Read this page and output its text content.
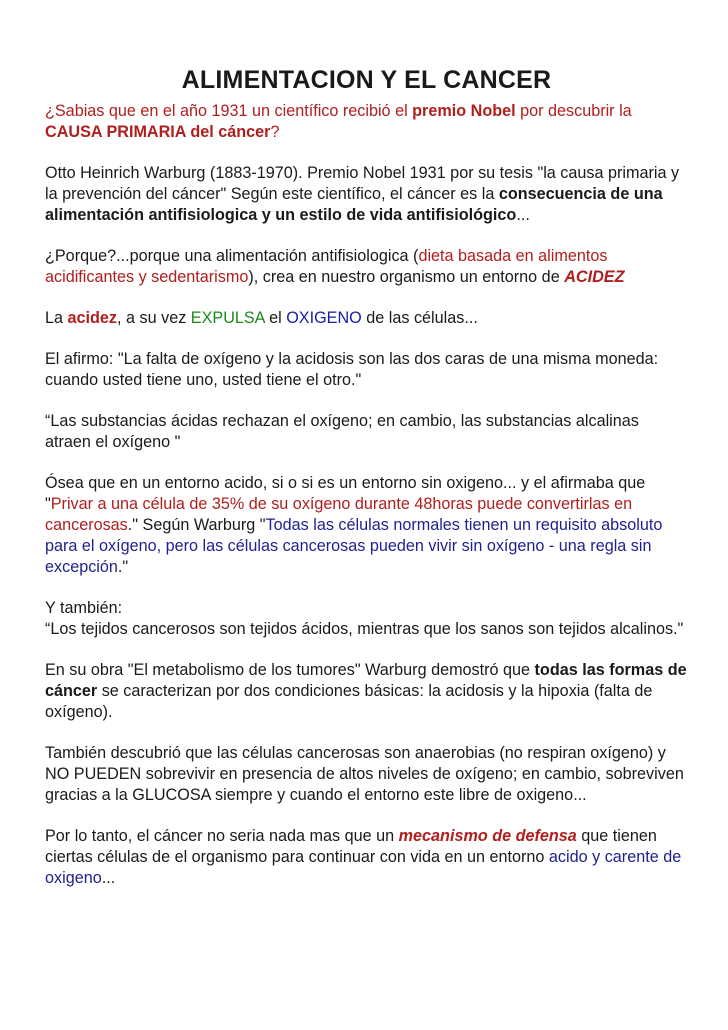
ALIMENTACION Y EL CANCER

¿Sabias que en el año 1931 un científico recibió el premio Nobel por descubrir la CAUSA PRIMARIA del cáncer?

Otto Heinrich Warburg (1883-1970). Premio Nobel 1931 por su tesis "la causa primaria y la prevención del cáncer" Según este científico, el cáncer es la consecuencia de una alimentación antifisiologica y un estilo de vida antifisiológico...

¿Porque?...porque una alimentación antifisiologica (dieta basada en alimentos acidificantes y sedentarismo), crea en nuestro organismo un entorno de ACIDEZ

La acidez, a su vez EXPULSA el OXIGENO de las células...

El afirmo: "La falta de oxígeno y la acidosis son las dos caras de una misma moneda: cuando usted tiene uno, usted tiene el otro."

“Las substancias ácidas rechazan el oxígeno; en cambio, las substancias alcalinas atraen el oxígeno "

Ósea que en un entorno acido, si o si es un entorno sin oxigeno... y el afirmaba que "Privar a una célula de 35% de su oxígeno durante 48horas puede convertirlas en cancerosas." Según Warburg "Todas las células normales tienen un requisito absoluto para el oxígeno, pero las células cancerosas pueden vivir sin oxígeno - una regla sin excepción."

Y también:
“Los tejidos cancerosos son tejidos ácidos, mientras que los sanos son tejidos alcalinos."

En su obra "El metabolismo de los tumores" Warburg demostró que todas las formas de cáncer se caracterizan por dos condiciones básicas: la acidosis y la hipoxia (falta de oxígeno).

También descubrió que las células cancerosas son anaerobias (no respiran oxígeno) y NO PUEDEN sobrevivir en presencia de altos niveles de oxígeno; en cambio, sobreviven gracias a la GLUCOSA siempre y cuando el entorno este libre de oxigeno...

Por lo tanto, el cáncer no seria nada mas que un mecanismo de defensa que tienen ciertas células de el organismo para continuar con vida en un entorno acido y carente de oxigeno...
